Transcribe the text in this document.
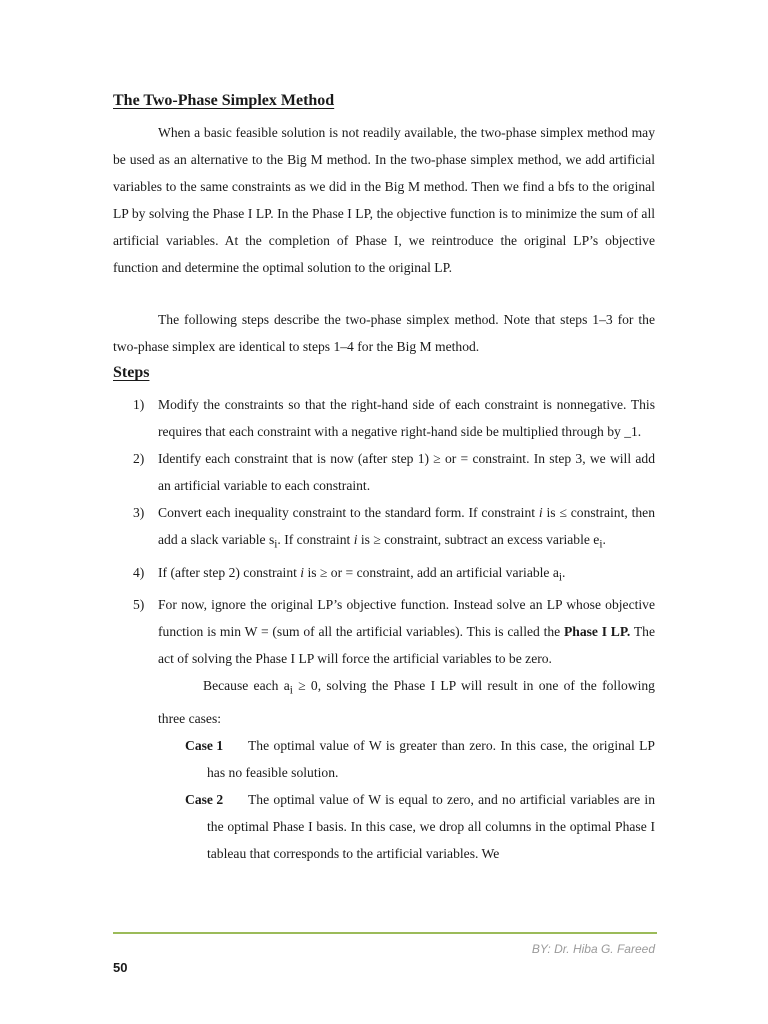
The Two-Phase Simplex Method

When a basic feasible solution is not readily available, the two-phase simplex method may be used as an alternative to the Big M method. In the two-phase simplex method, we add artificial variables to the same constraints as we did in the Big M method. Then we find a bfs to the original LP by solving the Phase I LP. In the Phase I LP, the objective function is to minimize the sum of all artificial variables. At the completion of Phase I, we reintroduce the original LP’s objective function and determine the optimal solution to the original LP.

The following steps describe the two-phase simplex method. Note that steps 1–3 for the two-phase simplex are identical to steps 1–4 for the Big M method.

Steps
1) Modify the constraints so that the right-hand side of each constraint is nonnegative. This requires that each constraint with a negative right-hand side be multiplied through by _1.
2) Identify each constraint that is now (after step 1) ≥ or = constraint. In step 3, we will add an artificial variable to each constraint.
3) Convert each inequality constraint to the standard form. If constraint i is ≤ constraint, then add a slack variable $s_i$. If constraint i is ≥ constraint, subtract an excess variable $e_i$.
4) If (after step 2) constraint i is ≥ or = constraint, add an artificial variable $a_i$.
5) For now, ignore the original LP’s objective function. Instead solve an LP whose objective function is min W = (sum of all the artificial variables). This is called the Phase I LP. The act of solving the Phase I LP will force the artificial variables to be zero.
Because each $a_i \ge 0$, solving the Phase I LP will result in one of the following three cases:
Case 1 The optimal value of W is greater than zero. In this case, the original LP has no feasible solution.
Case 2 The optimal value of W is equal to zero, and no artificial variables are in the optimal Phase I basis. In this case, we drop all columns in the optimal Phase I tableau that corresponds to the artificial variables. We
BY: Dr. Hiba G. Fareed
50
